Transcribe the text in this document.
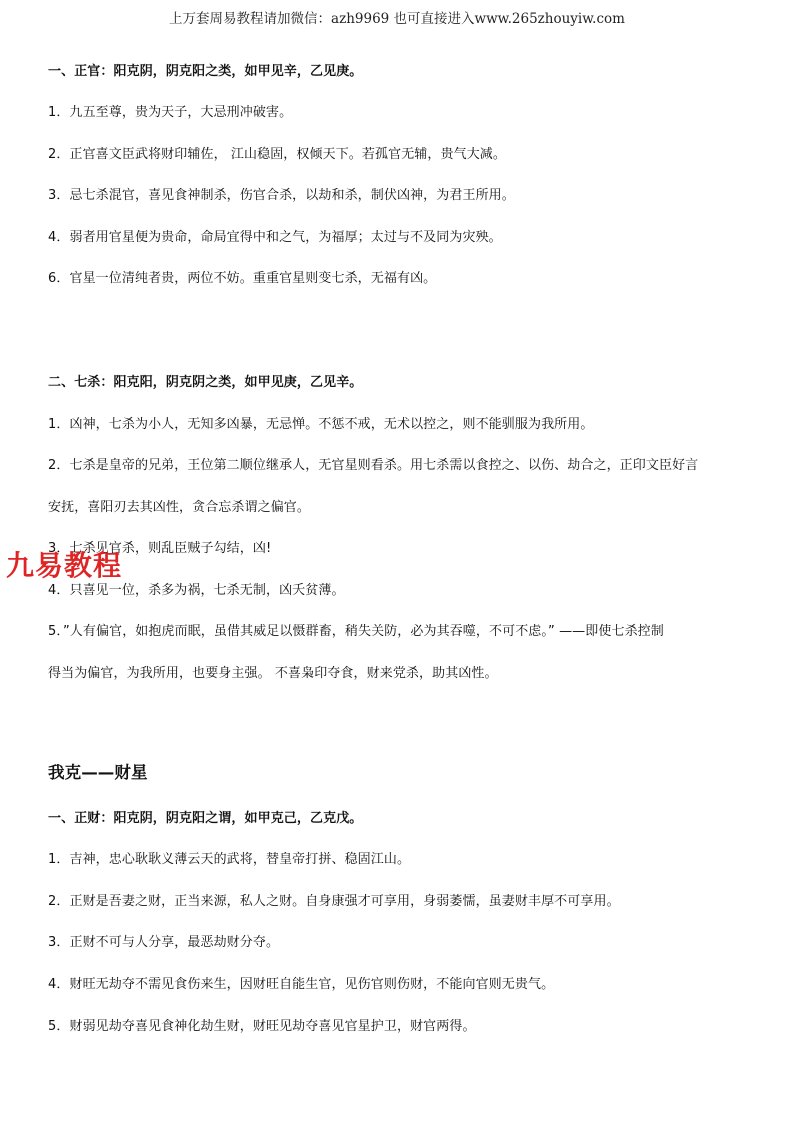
上万套周易教程请加微信：azh9969 也可直接进入www.265zhouyiw.com
一、正官：阳克阴，阴克阳之类，如甲见辛，乙见庚。
1．九五至尊，贵为天子，大忌刑冲破害。
2．正官喜文臣武将财印辅佐， 江山稳固，权倾天下。若孤官无辅，贵气大减。
3．忌七杀混官，喜见食神制杀，伤官合杀，以劫和杀，制伏凶神，为君王所用。
4．弱者用官星便为贵命，命局宜得中和之气，为福厚；太过与不及同为灾殃。
6．官星一位清纯者贵，两位不妨。重重官星则变七杀，无福有凶。
二、七杀：阳克阳，阴克阴之类，如甲见庚，乙见辛。
1．凶神，七杀为小人，无知多凶暴，无忌惮。不惩不戒，无术以控之，则不能驯服为我所用。
2．七杀是皇帝的兄弟，王位第二顺位继承人，无官星则看杀。用七杀需以食控之、以伤、劫合之，正印文臣好言
安抚，喜阳刃去其凶性，贪合忘杀谓之偏官。
3．七杀见官杀，则乱臣贼子勾结，凶!
4．只喜见一位，杀多为祸，七杀无制，凶夭贫薄。
5．”人有偏官，如抱虎而眠，虽借其威足以慑群畜，稍失关防，必为其吞噬，不可不虑。” ——即使七杀控制
得当为偏官，为我所用，也要身主强。 不喜枭印夺食，财来党杀，助其凶性。
我克——财星
一、正财：阳克阴，阴克阳之谓，如甲克己，乙克戊。
1．吉神，忠心耿耿义薄云天的武将，替皇帝打拼、稳固江山。
2．正财是吾妻之财，正当来源，私人之财。自身康强才可享用，身弱萎懦，虽妻财丰厚不可享用。
3．正财不可与人分享，最恶劫财分夺。
4．财旺无劫夺不需见食伤来生，因财旺自能生官，见伤官则伤财，不能向官则无贵气。
5．财弱见劫夺喜见食神化劫生财，财旺见劫夺喜见官星护卫，财官两得。
九易教程
